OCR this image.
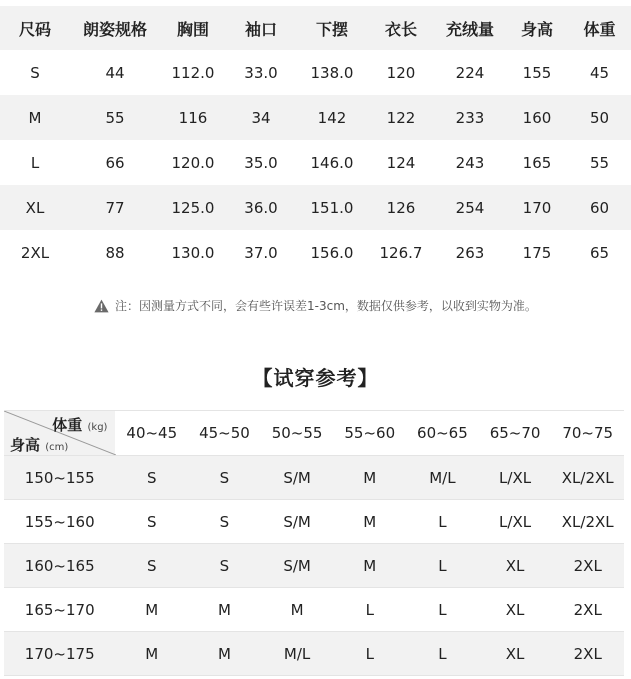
尺码	朗姿规格	胸围	袖口	下摆	衣长	充绒量	身高	体重
S	44	112.0	33.0	138.0	120	224	155	45
M	55	116	34	142	122	233	160	50
L	66	120.0	35.0	146.0	124	243	165	55
XL	77	125.0	36.0	151.0	126	254	170	60
2XL	88	130.0	37.0	156.0	126.7	263	175	65
注：因测量方式不同，会有些许误差1-3cm，数据仅供参考，以收到实物为准。
【试穿参考】
体重 (kg)
身高 (cm)
40~45	45~50	50~55	55~60	60~65	65~70	70~75
150~155	S	S	S/M	M	M/L	L/XL	XL/2XL
155~160	S	S	S/M	M	L	L/XL	XL/2XL
160~165	S	S	S/M	M	L	XL	2XL
165~170	M	M	M	L	L	XL	2XL
170~175	M	M	M/L	L	L	XL	2XL
